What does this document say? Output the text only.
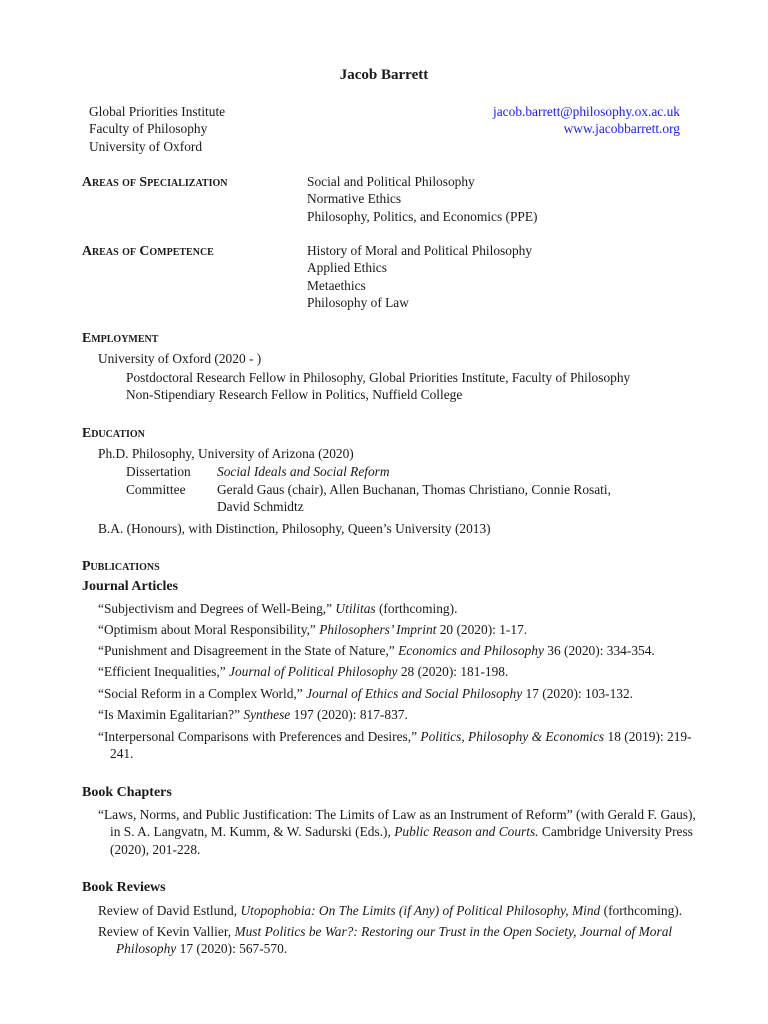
Jacob Barrett
Global Priorities Institute
Faculty of Philosophy
University of Oxford
jacob.barrett@philosophy.ox.ac.uk
www.jacobbarrett.org
Areas of Specialization	Social and Political Philosophy
Normative Ethics
Philosophy, Politics, and Economics (PPE)
Areas of Competence	History of Moral and Political Philosophy
Applied Ethics
Metaethics
Philosophy of Law
Employment
University of Oxford (2020 - )
Postdoctoral Research Fellow in Philosophy, Global Priorities Institute, Faculty of Philosophy
Non-Stipendiary Research Fellow in Politics, Nuffield College
Education
Ph.D. Philosophy, University of Arizona (2020)
Dissertation Social Ideals and Social Reform
Committee Gerald Gaus (chair), Allen Buchanan, Thomas Christiano, Connie Rosati,
David Schmidtz
B.A. (Honours), with Distinction, Philosophy, Queen’s University (2013)
Publications
Journal Articles
“Subjectivism and Degrees of Well-Being,” Utilitas (forthcoming).
“Optimism about Moral Responsibility,” Philosophers’ Imprint 20 (2020): 1-17.
“Punishment and Disagreement in the State of Nature,” Economics and Philosophy 36 (2020): 334-354.
“Efficient Inequalities,” Journal of Political Philosophy 28 (2020): 181-198.
“Social Reform in a Complex World,” Journal of Ethics and Social Philosophy 17 (2020): 103-132.
“Is Maximin Egalitarian?” Synthese 197 (2020): 817-837.
“Interpersonal Comparisons with Preferences and Desires,” Politics, Philosophy & Economics 18 (2019): 219-241.
Book Chapters
“Laws, Norms, and Public Justification: The Limits of Law as an Instrument of Reform” (with Gerald F. Gaus), in S. A. Langvatn, M. Kumm, & W. Sadurski (Eds.), Public Reason and Courts. Cambridge University Press (2020), 201-228.
Book Reviews
Review of David Estlund, Utopophobia: On The Limits (if Any) of Political Philosophy, Mind (forthcoming).
Review of Kevin Vallier, Must Politics be War?: Restoring our Trust in the Open Society, Journal of Moral Philosophy 17 (2020): 567-570.
